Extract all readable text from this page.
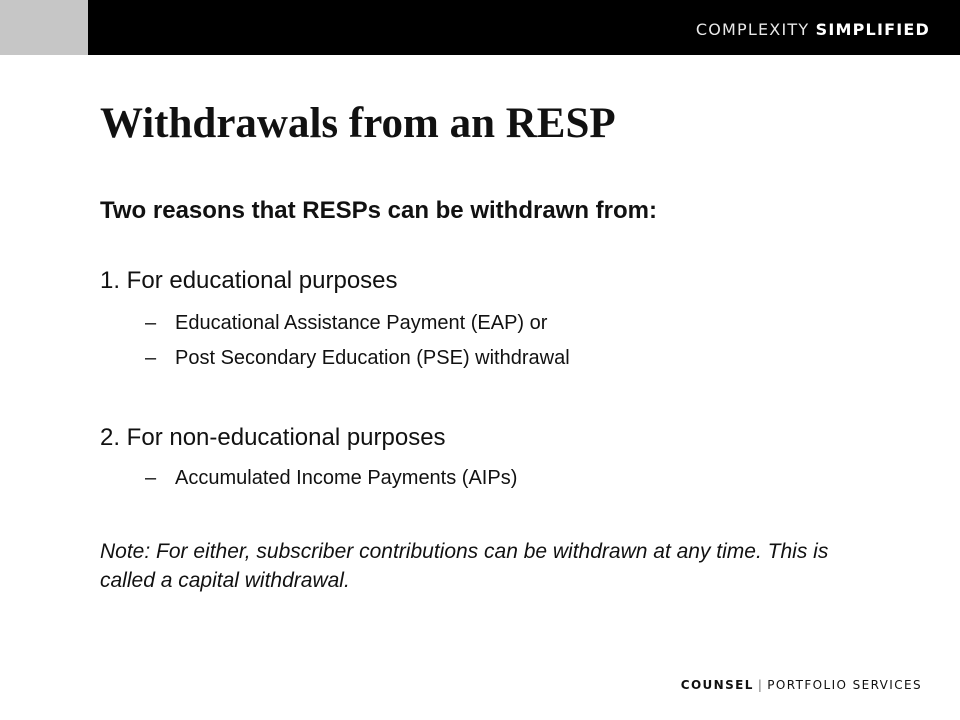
COMPLEXITY SIMPLIFIED
Withdrawals from an RESP

Two reasons that RESPs can be withdrawn from:

1. For educational purposes
– Educational Assistance Payment (EAP) or
– Post Secondary Education (PSE) withdrawal
2. For non-educational purposes
– Accumulated Income Payments (AIPs)

Note: For either, subscriber contributions can be withdrawn at any time. This is called a capital withdrawal.

COUNSEL | PORTFOLIO SERVICES
